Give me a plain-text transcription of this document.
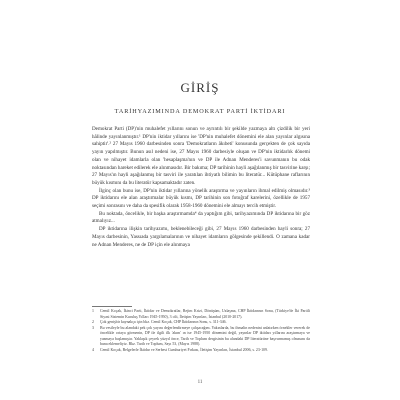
GİRİŞ
TARİHYAZIMINDA DEMOKRAT PARTİ İKTİDARI

Demokrat Parti (DP)'nin muhalefet yıllarını sonun ve ayrıntılı bir şekilde yazmaya altı çizdilik bir yeri hâlinde yayınlanmıştır.¹ DP'nin iktidar yıllarını ise 'DP'nin muhalefet dönemini ele alan yayınlar algısına sahiptir'.² 27 Mayıs 1960 darbesinden sonra 'Demokratların âkıbeti' konusunda gerçekten de çok sayıda yayın yapılmıştır. Bunun asıl nedeni ise, 27 Mayıs 1960 darbesiyle oluşan ve DP'nin iktidarlık dönemi olan ve nihayet idamlarla olan 'hesaplaşma'nın ve DP ile Adnan Menderes'i savunmanın bu odak noktasından hareket edilerek ele alınmasıdır. Bir bakıma; DP tarihinin hayli aşağılanmış bir tasvirine karşı; 27 Mayıs'ın hayli aşağılanmış bir tasviri ile yaratılan ihtiyatlı bilimin bu literatür... Kütüphane raflarının büyük kısmını da bu literatür kapsamaktadır zaten.

İlginç olan bunu ise, DP'nin iktidar yıllarına yönelik araştırma ve yayınların ihmal edilmiş olmasıdır.³ DP iktidarını ele alan araştırmalar büyük kısmı, DP tarihinin son fotoğraf karelerini, özellikle de 1957 seçimi sonrasını ve daha da spesifik olarak 1958-1960 dönemini ele almayı tercih etmiştir.

Bu noktada, öncelikle, bir başka araştırmamda⁴ da yaptığım gibi, tarihyazımında DP iktidarına bir göz atmalıyız...

DP iktidarına ilişkin tarihyazımı, beklenebileceği gibi, 27 Mayıs 1960 darbesinden hayli sonra; 27 Mayıs darbesinin, Yassıada yargılamalarının ve nihayet idamların gölgesinde şekillendi. O zamana kadar ne Adnan Menderes, ne de DP için ele alınmaya

1	Cemil Koçak, İkinci Parti, İktidar ve Demokratlar, Rejim Krizi, Dönüşüm, Uzlaşma, CHP İktidarının Sonu, (Türkiye'de İki Partili Siyasi Sistemin Kuruluş Yılları 1945-1950), 3 cilt, İletişim Yayınları, İstanbul (2010-2017).
2	Çok genişbir kaynakça için bkz. Cemil Koçak, CHP İktidarının Sonu, s. 311-346.
3	Bu vesileyle bu alandaki pek çok yayını değerlendirmeye çalışacağım. Yakınlarda, bu ihmalin nedenini anlatırken örnekler vererek de öncelikle ortaya görmenin, DP ile ilgili ilk 'akım' ın ise 1945-1950 dönemini değil, yayınlar DP iktidarı yıllarını araştırmaya ve yazmaya başlamıştır. Yaklaşık çeyrek yüzyıl önce, Tarih ve Toplum dergisinin bu alandaki DP literatürüne başvurmamış olmasını da buna eklemeliyiz. Bkz. Tarih ve Toplum, Sayı 53, (Mayıs 1988).
4	Cemil Koçak, Belgelerle İktidar ve Serbest Cumhuriyet Fırkası, İletişim Yayınları, İstanbul 2006, s. 23-109.
11
